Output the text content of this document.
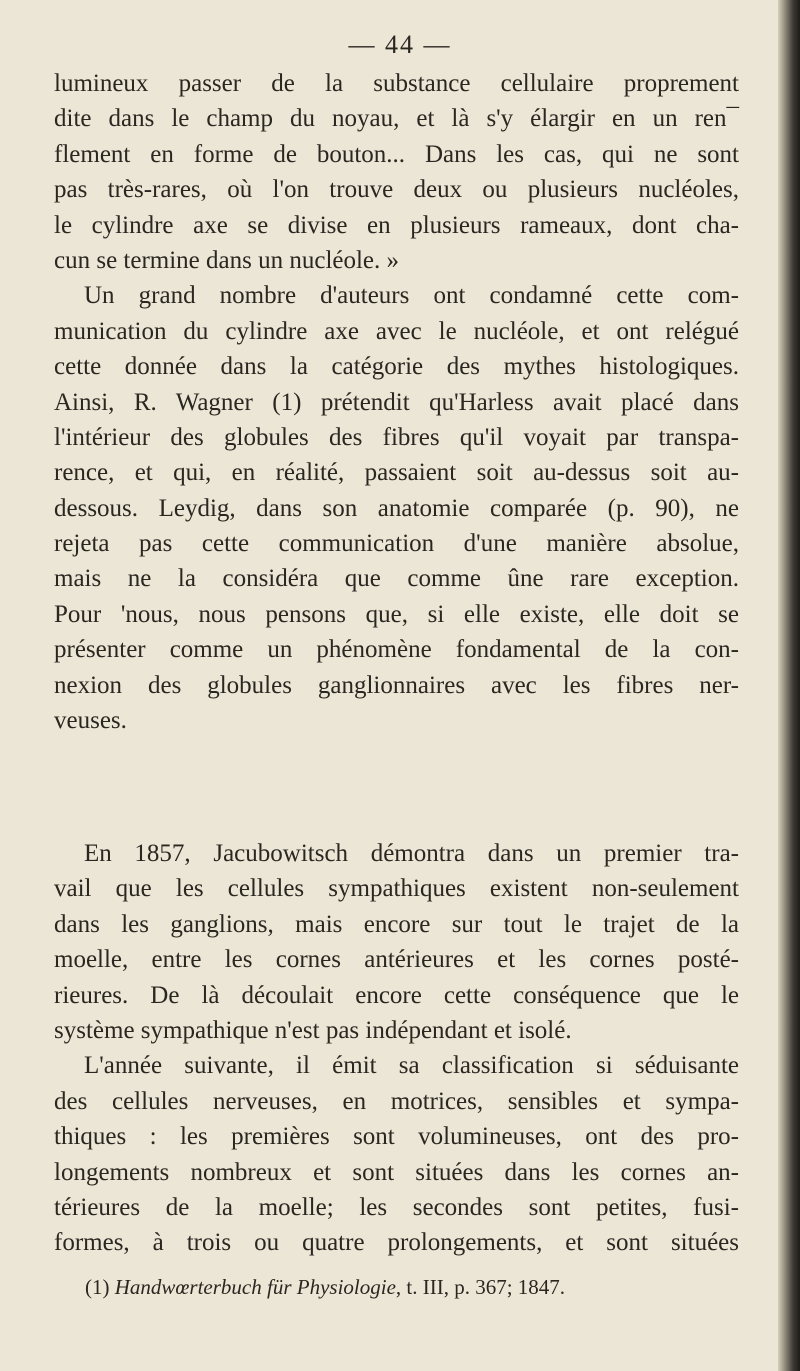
— 44 —
lumineux passer de la substance cellulaire proprement
dite dans le champ du noyau, et là s'y élargir en un ren¯
flement en forme de bouton... Dans les cas, qui ne sont
pas très-rares, où l'on trouve deux ou plusieurs nucléoles,
le cylindre axe se divise en plusieurs rameaux, dont cha-
cun se termine dans un nucléole. »
Un grand nombre d'auteurs ont condamné cette com-
munication du cylindre axe avec le nucléole, et ont relégué
cette donnée dans la catégorie des mythes histologiques.
Ainsi, R. Wagner (1) prétendit qu'Harless avait placé dans
l'intérieur des globules des fibres qu'il voyait par transpa-
rence, et qui, en réalité, passaient soit au-dessus soit au-
dessous. Leydig, dans son anatomie comparée (p. 90), ne
rejeta pas cette communication d'une manière absolue,
mais ne la considéra que comme ûne rare exception.
Pour 'nous, nous pensons que, si elle existe, elle doit se
présenter comme un phénomène fondamental de la con-
nexion des globules ganglionnaires avec les fibres ner-
veuses.
En 1857, Jacubowitsch démontra dans un premier tra-
vail que les cellules sympathiques existent non-seulement
dans les ganglions, mais encore sur tout le trajet de la
moelle, entre les cornes antérieures et les cornes posté-
rieures. De là découlait encore cette conséquence que le
système sympathique n'est pas indépendant et isolé.
L'année suivante, il émit sa classification si séduisante
des cellules nerveuses, en motrices, sensibles et sympa-
thiques : les premières sont volumineuses, ont des pro-
longements nombreux et sont situées dans les cornes an-
térieures de la moelle; les secondes sont petites, fusi-
formes, à trois ou quatre prolongements, et sont situées
(1) Handwœrterbuch für Physiologie, t. III, p. 367; 1847.
